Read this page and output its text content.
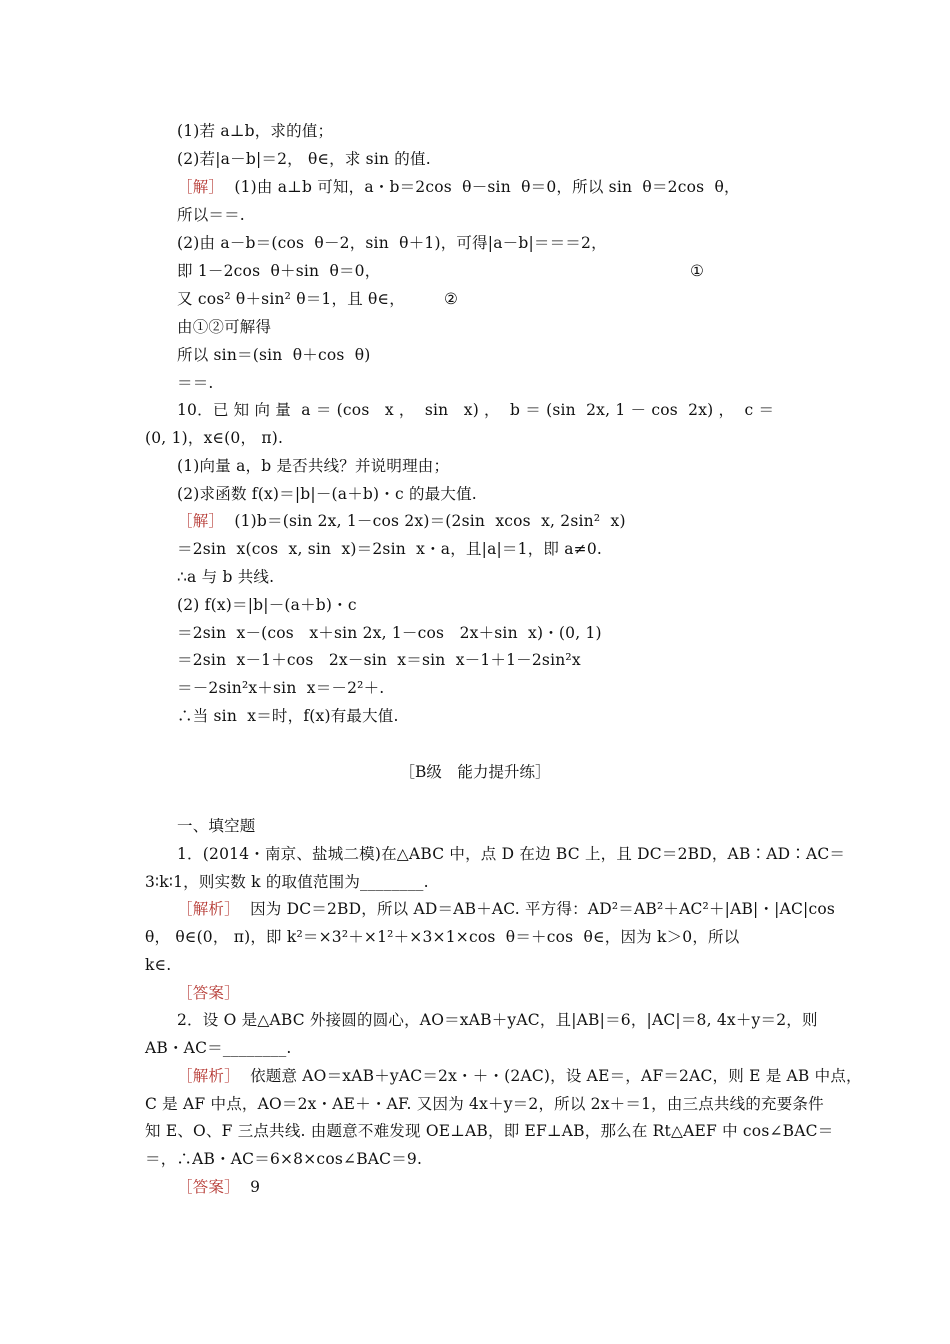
(1)若 a⊥b，求的值；
(2)若|a－b|＝2， θ∈，求 sin 的值.
［解］  (1)由 a⊥b 可知，a・b＝2cos  θ－sin  θ＝0，所以 sin  θ＝2cos  θ，
所以＝＝.
(2)由 a－b＝(cos  θ－2，sin  θ＋1)，可得|a－b|＝＝＝2，
即 1－2cos  θ＋sin  θ＝0，	①
又 cos² θ＋sin² θ＝1，且 θ∈，	②
由①②可解得
所以 sin＝(sin  θ＋cos  θ)
＝＝.
10．已 知 向 量  a ＝ (cos   x ，  sin   x) ，  b ＝ (sin  2x, 1 － cos  2x) ，  c ＝
(0, 1)，x∈(0， π).
(1)向量 a，b 是否共线？并说明理由；
(2)求函数 f(x)＝|b|－(a＋b)・c 的最大值.
［解］  (1)b＝(sin 2x, 1－cos 2x)＝(2sin  xcos  x, 2sin²  x)
＝2sin  x(cos  x, sin  x)＝2sin  x・a，且|a|＝1，即 a≠0.
∴a 与 b 共线.
(2) f(x)＝|b|－(a＋b)・c
＝2sin  x－(cos   x＋sin 2x, 1－cos   2x＋sin  x)・(0, 1)
＝2sin  x－1＋cos   2x－sin  x＝sin  x－1＋1－2sin²x
＝－2sin²x＋sin  x＝－2²＋.
∴当 sin  x＝时，f(x)有最大值.
［B级　能力提升练］
一、填空题
1．(2014・南京、盐城二模)在△ABC 中，点 D 在边 BC 上，且 DC＝2BD，AB∶AD∶AC＝
3∶k∶1，则实数 k 的取值范围为________.
［解析］  因为 DC＝2BD，所以 AD＝AB＋AC. 平方得：AD²＝AB²＋AC²＋|AB|・|AC|cos
θ， θ∈(0， π)，即 k²＝×3²＋×1²＋×3×1×cos  θ＝＋cos  θ∈，因为 k＞0，所以
k∈.
［答案］
2．设 O 是△ABC 外接圆的圆心，AO＝xAB＋yAC，且|AB|＝6，|AC|＝8, 4x＋y＝2，则
AB・AC＝________.
［解析］  依题意 AO＝xAB＋yAC＝2x・＋・(2AC)，设 AE＝，AF＝2AC，则 E 是 AB 中点，
C 是 AF 中点，AO＝2x・AE＋・AF. 又因为 4x＋y＝2，所以 2x＋＝1，由三点共线的充要条件
知 E、O、F 三点共线. 由题意不难发现 OE⊥AB，即 EF⊥AB，那么在 Rt△AEF 中 cos∠BAC＝
＝，∴AB・AC＝6×8×cos∠BAC＝9.
［答案］  9
